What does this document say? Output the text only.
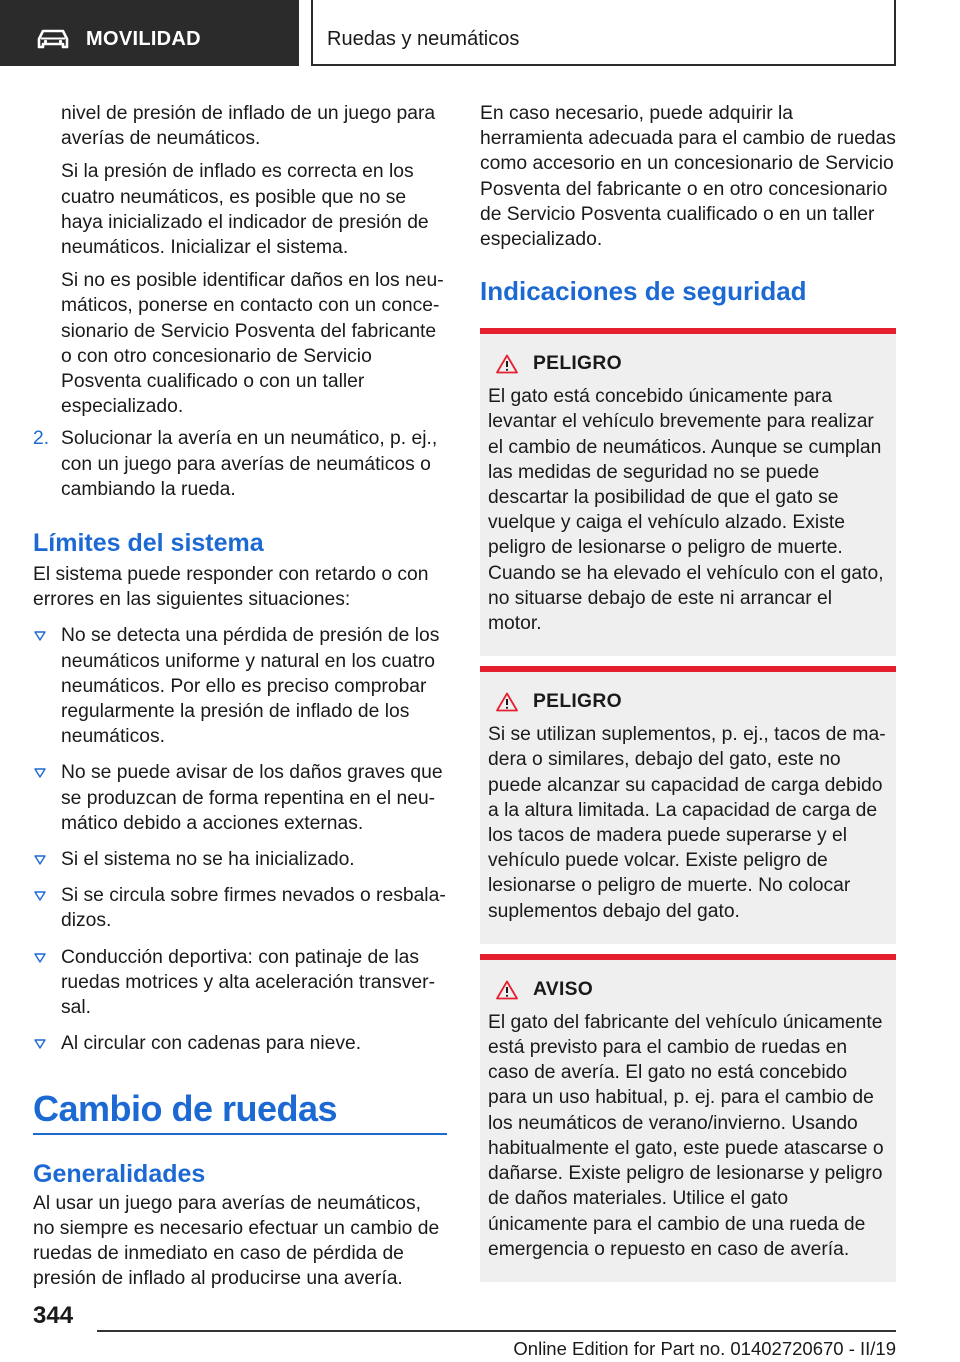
MOVILIDAD	Ruedas y neumáticos
nivel de presión de inflado de un juego para averías de neumáticos.
Si la presión de inflado es correcta en los cuatro neumáticos, es posible que no se haya inicializado el indicador de presión de neumáticos. Inicializar el sistema.
Si no es posible identificar daños en los neumáticos, ponerse en contacto con un concesionario de Servicio Posventa del fabricante o con otro concesionario de Servicio Posventa cualificado o con un taller especializado.
2. Solucionar la avería en un neumático, p. ej., con un juego para averías de neumáticos o cambiando la rueda.
Límites del sistema
El sistema puede responder con retardo o con errores en las siguientes situaciones:
No se detecta una pérdida de presión de los neumáticos uniforme y natural en los cuatro neumáticos. Por ello es preciso comprobar regularmente la presión de inflado de los neumáticos.
No se puede avisar de los daños graves que se produzcan de forma repentina en el neumático debido a acciones externas.
Si el sistema no se ha inicializado.
Si se circula sobre firmes nevados o resbaladizos.
Conducción deportiva: con patinaje de las ruedas motrices y alta aceleración transversal.
Al circular con cadenas para nieve.
Cambio de ruedas
Generalidades
Al usar un juego para averías de neumáticos, no siempre es necesario efectuar un cambio de ruedas de inmediato en caso de pérdida de presión de inflado al producirse una avería.
En caso necesario, puede adquirir la herramienta adecuada para el cambio de ruedas como accesorio en un concesionario de Servicio Posventa del fabricante o en otro concesionario de Servicio Posventa cualificado o en un taller especializado.
Indicaciones de seguridad
PELIGRO
El gato está concebido únicamente para levantar el vehículo brevemente para realizar el cambio de neumáticos. Aunque se cumplan las medidas de seguridad no se puede descartar la posibilidad de que el gato se vuelque y caiga el vehículo alzado. Existe peligro de lesionarse o peligro de muerte. Cuando se ha elevado el vehículo con el gato, no situarse debajo de este ni arrancar el motor.
PELIGRO
Si se utilizan suplementos, p. ej., tacos de madera o similares, debajo del gato, este no puede alcanzar su capacidad de carga debido a la altura limitada. La capacidad de carga de los tacos de madera puede superarse y el vehículo puede volcar. Existe peligro de lesionarse o peligro de muerte. No colocar suplementos debajo del gato.
AVISO
El gato del fabricante del vehículo únicamente está previsto para el cambio de ruedas en caso de avería. El gato no está concebido para un uso habitual, p. ej. para el cambio de los neumáticos de verano/invierno. Usando habitualmente el gato, este puede atascarse o dañarse. Existe peligro de lesionarse y peligro de daños materiales. Utilice el gato únicamente para el cambio de una rueda de emergencia o repuesto en caso de avería.
344
Online Edition for Part no. 01402720670 - II/19
